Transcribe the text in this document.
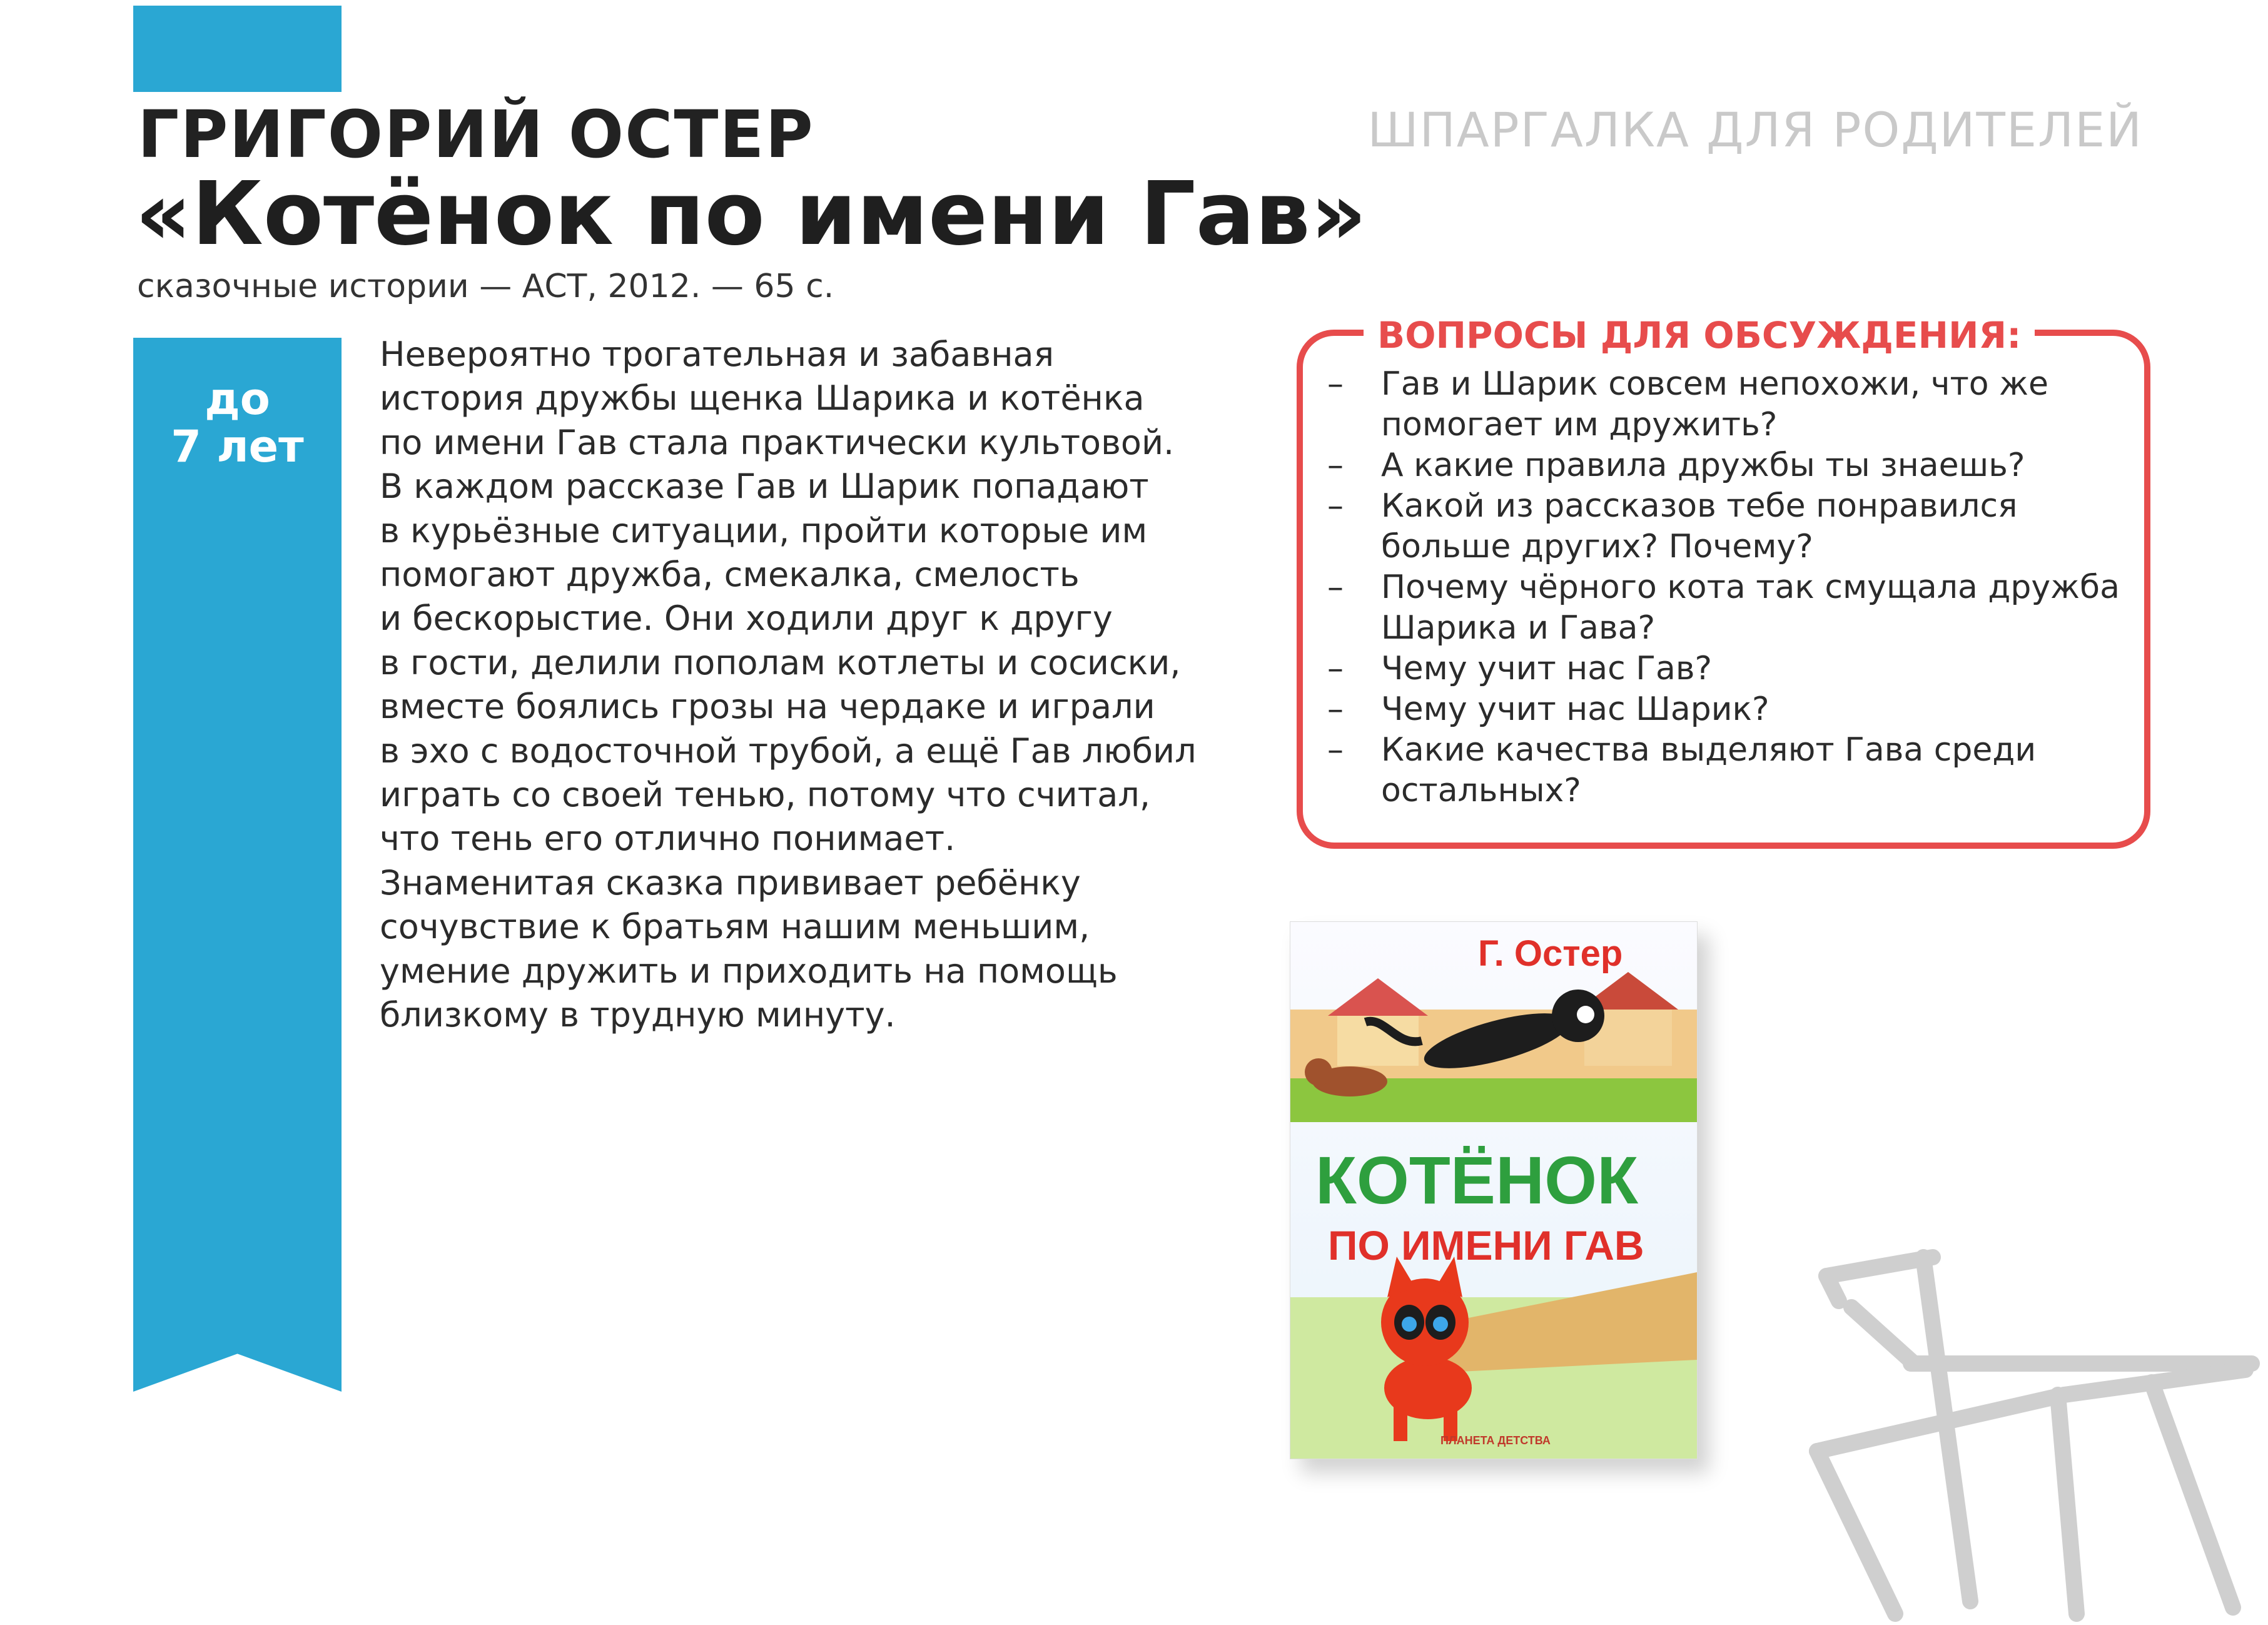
ГРИГОРИЙ ОСТЕР
«Котёнок по имени Гав»
сказочные истории — АСТ, 2012. — 65 с.
ШПАРГАЛКА ДЛЯ РОДИТЕЛЕЙ
до
7 лет

Невероятно трогательная и забавная
история дружбы щенка Шарика и котёнка
по имени Гав стала практически культовой.
В каждом рассказе Гав и Шарик попадают
в курьёзные ситуации, пройти которые им
помогают дружба, смекалка, смелость
и бескорыстие. Они ходили друг к другу
в гости, делили пополам котлеты и сосиски,
вместе боялись грозы на чердаке и играли
в эхо с водосточной трубой, а ещё Гав любил
играть со своей тенью, потому что считал,
что тень его отлично понимает.

Знаменитая сказка прививает ребёнку
сочувствие к братьям нашим меньшим,
умение дружить и приходить на помощь
близкому в трудную минуту.

ВОПРОСЫ ДЛЯ ОБСУЖДЕНИЯ:
– Гав и Шарик совсем непохожи, что же помогает им дружить?
– А какие правила дружбы ты знаешь?
– Какой из рассказов тебе понравился больше других? Почему?
– Почему чёрного кота так смущала дружба Шарика и Гава?
– Чему учит нас Гав?
– Чему учит нас Шарик?
– Какие качества выделяют Гава среди остальных?
КОТЁНОК
ПО ИМЕНИ ГАВ
Г. Остер
ПЛАНЕТА ДЕТСТВА
